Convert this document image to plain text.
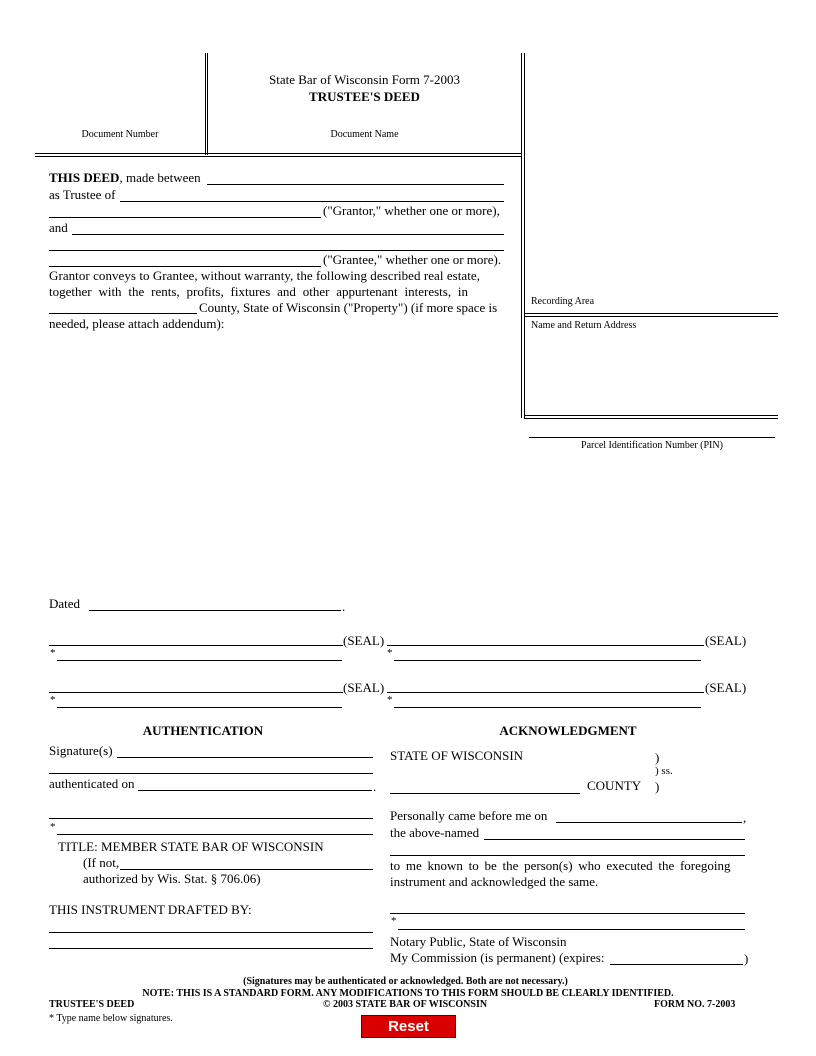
State Bar of Wisconsin Form 7-2003
TRUSTEE'S DEED
Document Number	Document Name
Recording Area
Name and Return Address
Parcel Identification Number (PIN)
THIS DEED, made between
as Trustee of
("Grantor," whether one or more),
and
("Grantee," whether one or more).
Grantor conveys to Grantee, without warranty, the following described real estate,
together with the rents, profits, fixtures and other appurtenant interests, in
County, State of Wisconsin ("Property") (if more space is
needed, please attach addendum):
Dated	.
(SEAL)	(SEAL)
*	*
(SEAL)	(SEAL)
*	*
AUTHENTICATION
Signature(s)
authenticated on	.
*
TITLE: MEMBER STATE BAR OF WISCONSIN
(If not,
authorized by Wis. Stat. § 706.06)
THIS INSTRUMENT DRAFTED BY:
ACKNOWLEDGMENT
STATE OF WISCONSIN	)
) ss.
COUNTY )
Personally came before me on	,
the above-named
to me known to be the person(s) who executed the foregoing
instrument and acknowledged the same.
*
Notary Public, State of Wisconsin
My Commission (is permanent) (expires:	)
(Signatures may be authenticated or acknowledged. Both are not necessary.)
NOTE: THIS IS A STANDARD FORM. ANY MODIFICATIONS TO THIS FORM SHOULD BE CLEARLY IDENTIFIED.
TRUSTEE'S DEED	© 2003 STATE BAR OF WISCONSIN	FORM NO. 7-2003
* Type name below signatures.	Reset
